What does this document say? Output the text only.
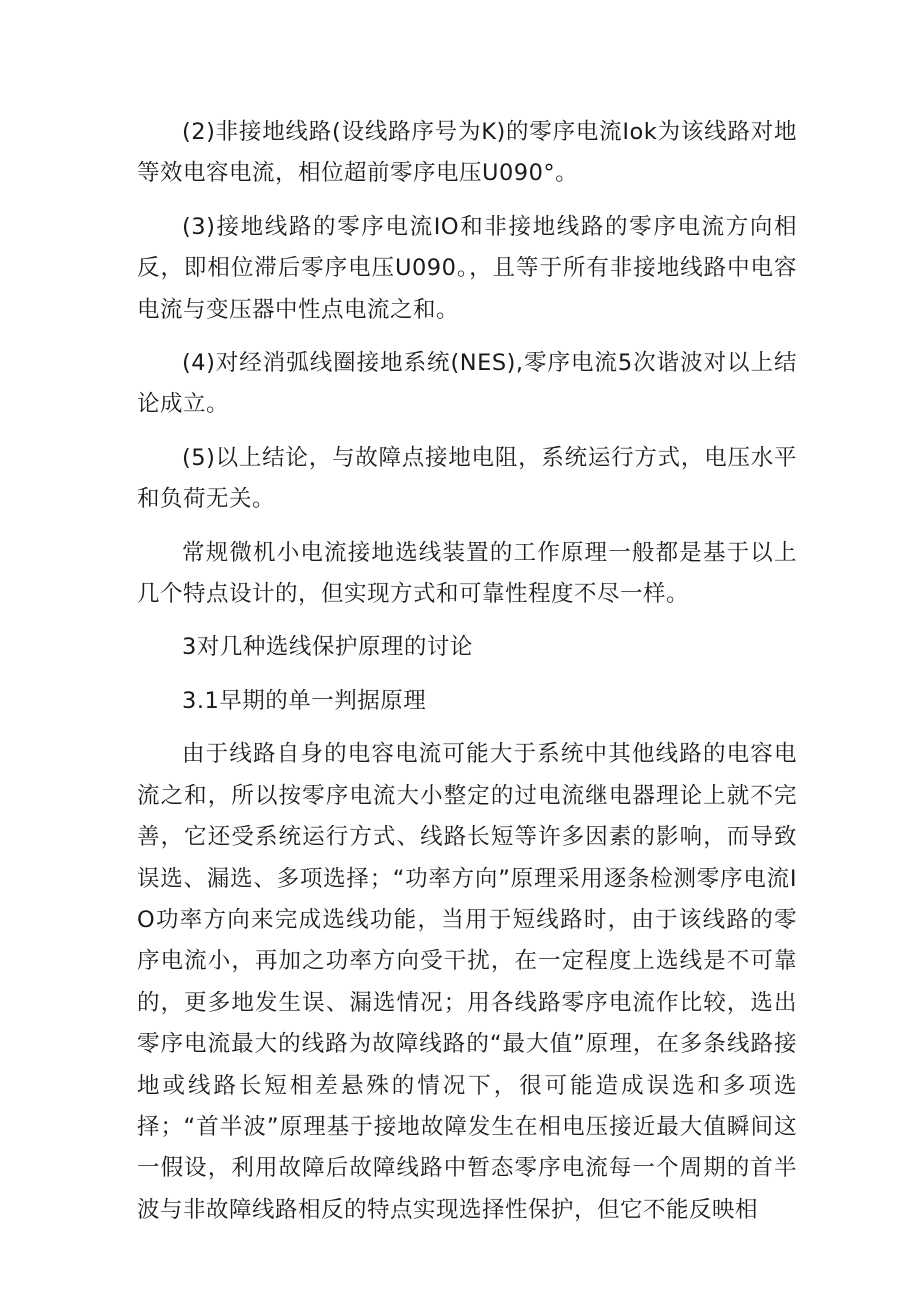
(2)非接地线路(设线路序号为K)的零序电流Iok为该线路对地等效电容电流，相位超前零序电压U090°。

(3)接地线路的零序电流IO和非接地线路的零序电流方向相反，即相位滞后零序电压U090。，且等于所有非接地线路中电容电流与变压器中性点电流之和。

(4)对经消弧线圈接地系统(NES),零序电流5次谐波对以上结论成立。

(5)以上结论，与故障点接地电阻，系统运行方式，电压水平和负荷无关。

常规微机小电流接地选线装置的工作原理一般都是基于以上几个特点设计的，但实现方式和可靠性程度不尽一样。

3对几种选线保护原理的讨论

3.1早期的单一判据原理

由于线路自身的电容电流可能大于系统中其他线路的电容电流之和，所以按零序电流大小整定的过电流继电器理论上就不完善，它还受系统运行方式、线路长短等许多因素的影响，而导致误选、漏选、多项选择；“功率方向”原理采用逐条检测零序电流IO功率方向来完成选线功能，当用于短线路时，由于该线路的零序电流小，再加之功率方向受干扰，在一定程度上选线是不可靠的，更多地发生误、漏选情况；用各线路零序电流作比较，选出零序电流最大的线路为故障线路的“最大值”原理，在多条线路接地或线路长短相差悬殊的情况下，很可能造成误选和多项选择；“首半波”原理基于接地故障发生在相电压接近最大值瞬间这一假设，利用故障后故障线路中暂态零序电流每一个周期的首半波与非故障线路相反的特点实现选择性保护，但它不能反映相
